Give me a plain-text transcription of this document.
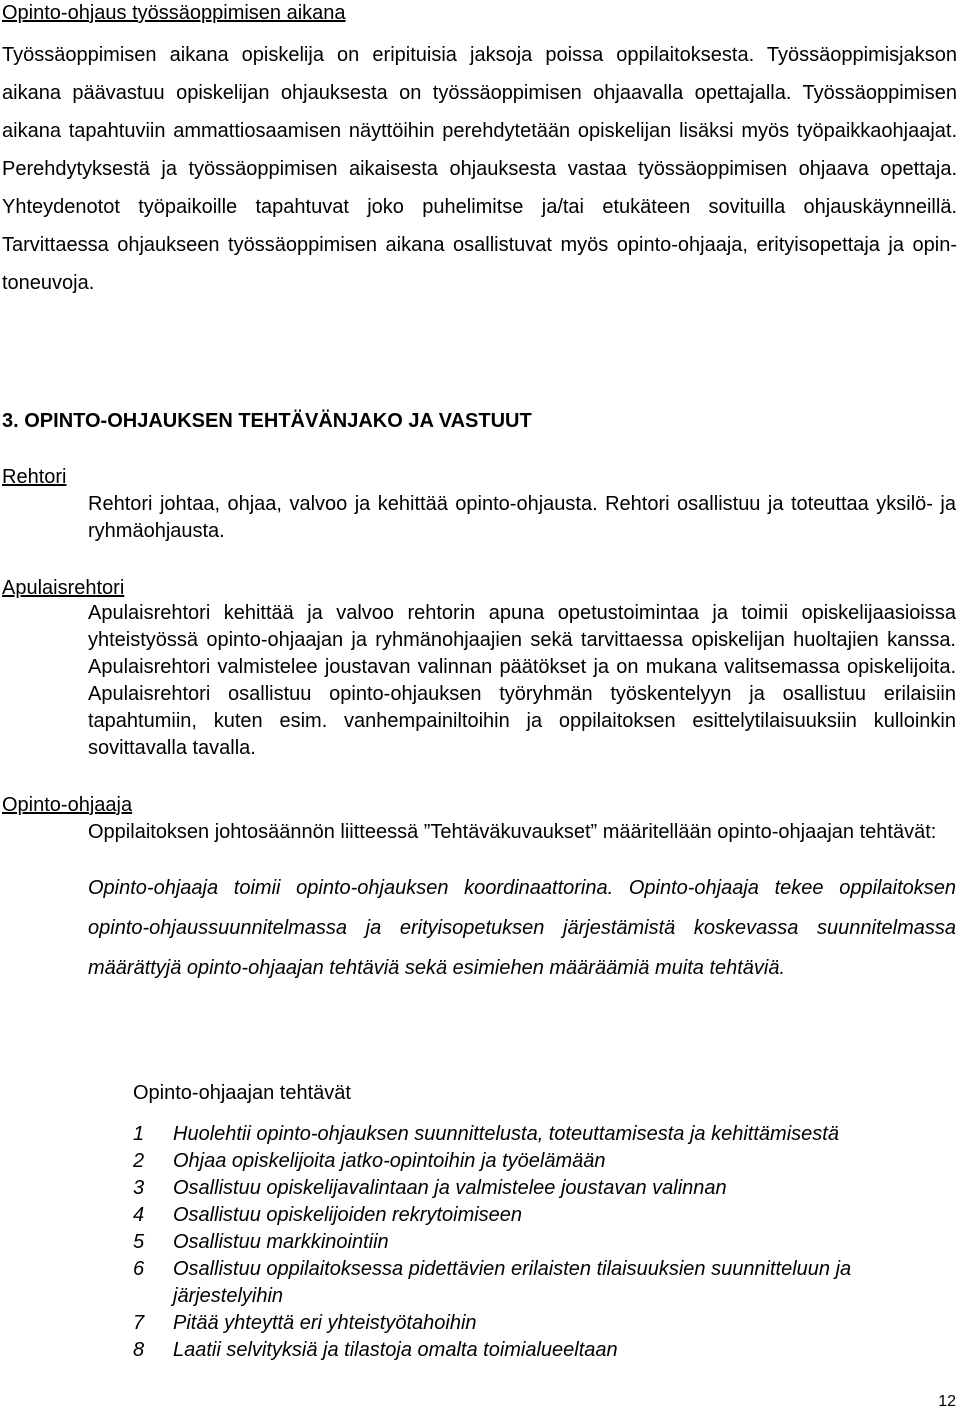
Opinto-ohjaus työssäoppimisen aikana
Työssäoppimisen aikana opiskelija on eripituisia jaksoja poissa oppilaitoksesta. Työssäoppimisjakson aikana päävastuu opiskelijan ohjauksesta on työssäoppimisen ohjaavalla opettajalla. Työssäoppimisen aikana tapahtuviin ammattiosaamisen näyttöihin perehdytetään opiskelijan lisäksi myös työpaikkaohjaajat. Perehdytyksestä ja työssäoppimisen aikaisesta ohjauksesta vastaa työssäoppimisen ohjaava opettaja. Yhteydenotot työpaikoille tapahtuvat joko puhelimitse ja/tai etukäteen sovituilla ohjauskäynneillä. Tarvittaessa ohjaukseen työssäoppimisen aikana osallistuvat myös opinto-ohjaaja, erityisopettaja ja opintoneuvoja.
3. OPINTO-OHJAUKSEN TEHTÄVÄNJAKO JA VASTUUT
Rehtori
Rehtori johtaa, ohjaa, valvoo ja kehittää opinto-ohjausta. Rehtori osallistuu ja toteuttaa yksilö- ja ryhmäohjausta.
Apulaisrehtori
Apulaisrehtori kehittää ja valvoo rehtorin apuna opetustoimintaa ja toimii opiskelijaasioissa yhteistyössä opinto-ohjaajan ja ryhmänohjaajien sekä tarvittaessa opiskelijan huoltajien kanssa. Apulaisrehtori valmistelee joustavan valinnan päätökset ja on mukana valitsemassa opiskelijoita. Apulaisrehtori osallistuu opinto-ohjauksen työryhmän työskentelyyn ja osallistuu erilaisiin tapahtumiin, kuten esim. vanhempainiltoihin ja oppilaitoksen esittelytilaisuuksiin kulloinkin sovittavalla tavalla.
Opinto-ohjaaja
Oppilaitoksen johtosäännön liitteessä ”Tehtäväkuvaukset” määritellään opinto-ohjaajan tehtävät:
Opinto-ohjaaja toimii opinto-ohjauksen koordinaattorina. Opinto-ohjaaja tekee oppilaitoksen opinto-ohjaussuunnitelmassa ja erityisopetuksen järjestämistä koskevassa suunnitelmassa määrättyjä opinto-ohjaajan tehtäviä sekä esimiehen määräämiä muita tehtäviä.
Opinto-ohjaajan tehtävät
1	Huolehtii opinto-ohjauksen suunnittelusta, toteuttamisesta ja kehittämisestä
2	Ohjaa opiskelijoita jatko-opintoihin ja työelämään
3	Osallistuu opiskelijavalintaan ja valmistelee joustavan valinnan
4	Osallistuu opiskelijoiden rekrytoimiseen
5	Osallistuu markkinointiin
6	Osallistuu oppilaitoksessa pidettävien erilaisten tilaisuuksien suunnitteluun ja järjestelyihin
7	Pitää yhteyttä eri yhteistyötahoihin
8	Laatii selvityksiä ja tilastoja omalta toimialueeltaan
12
